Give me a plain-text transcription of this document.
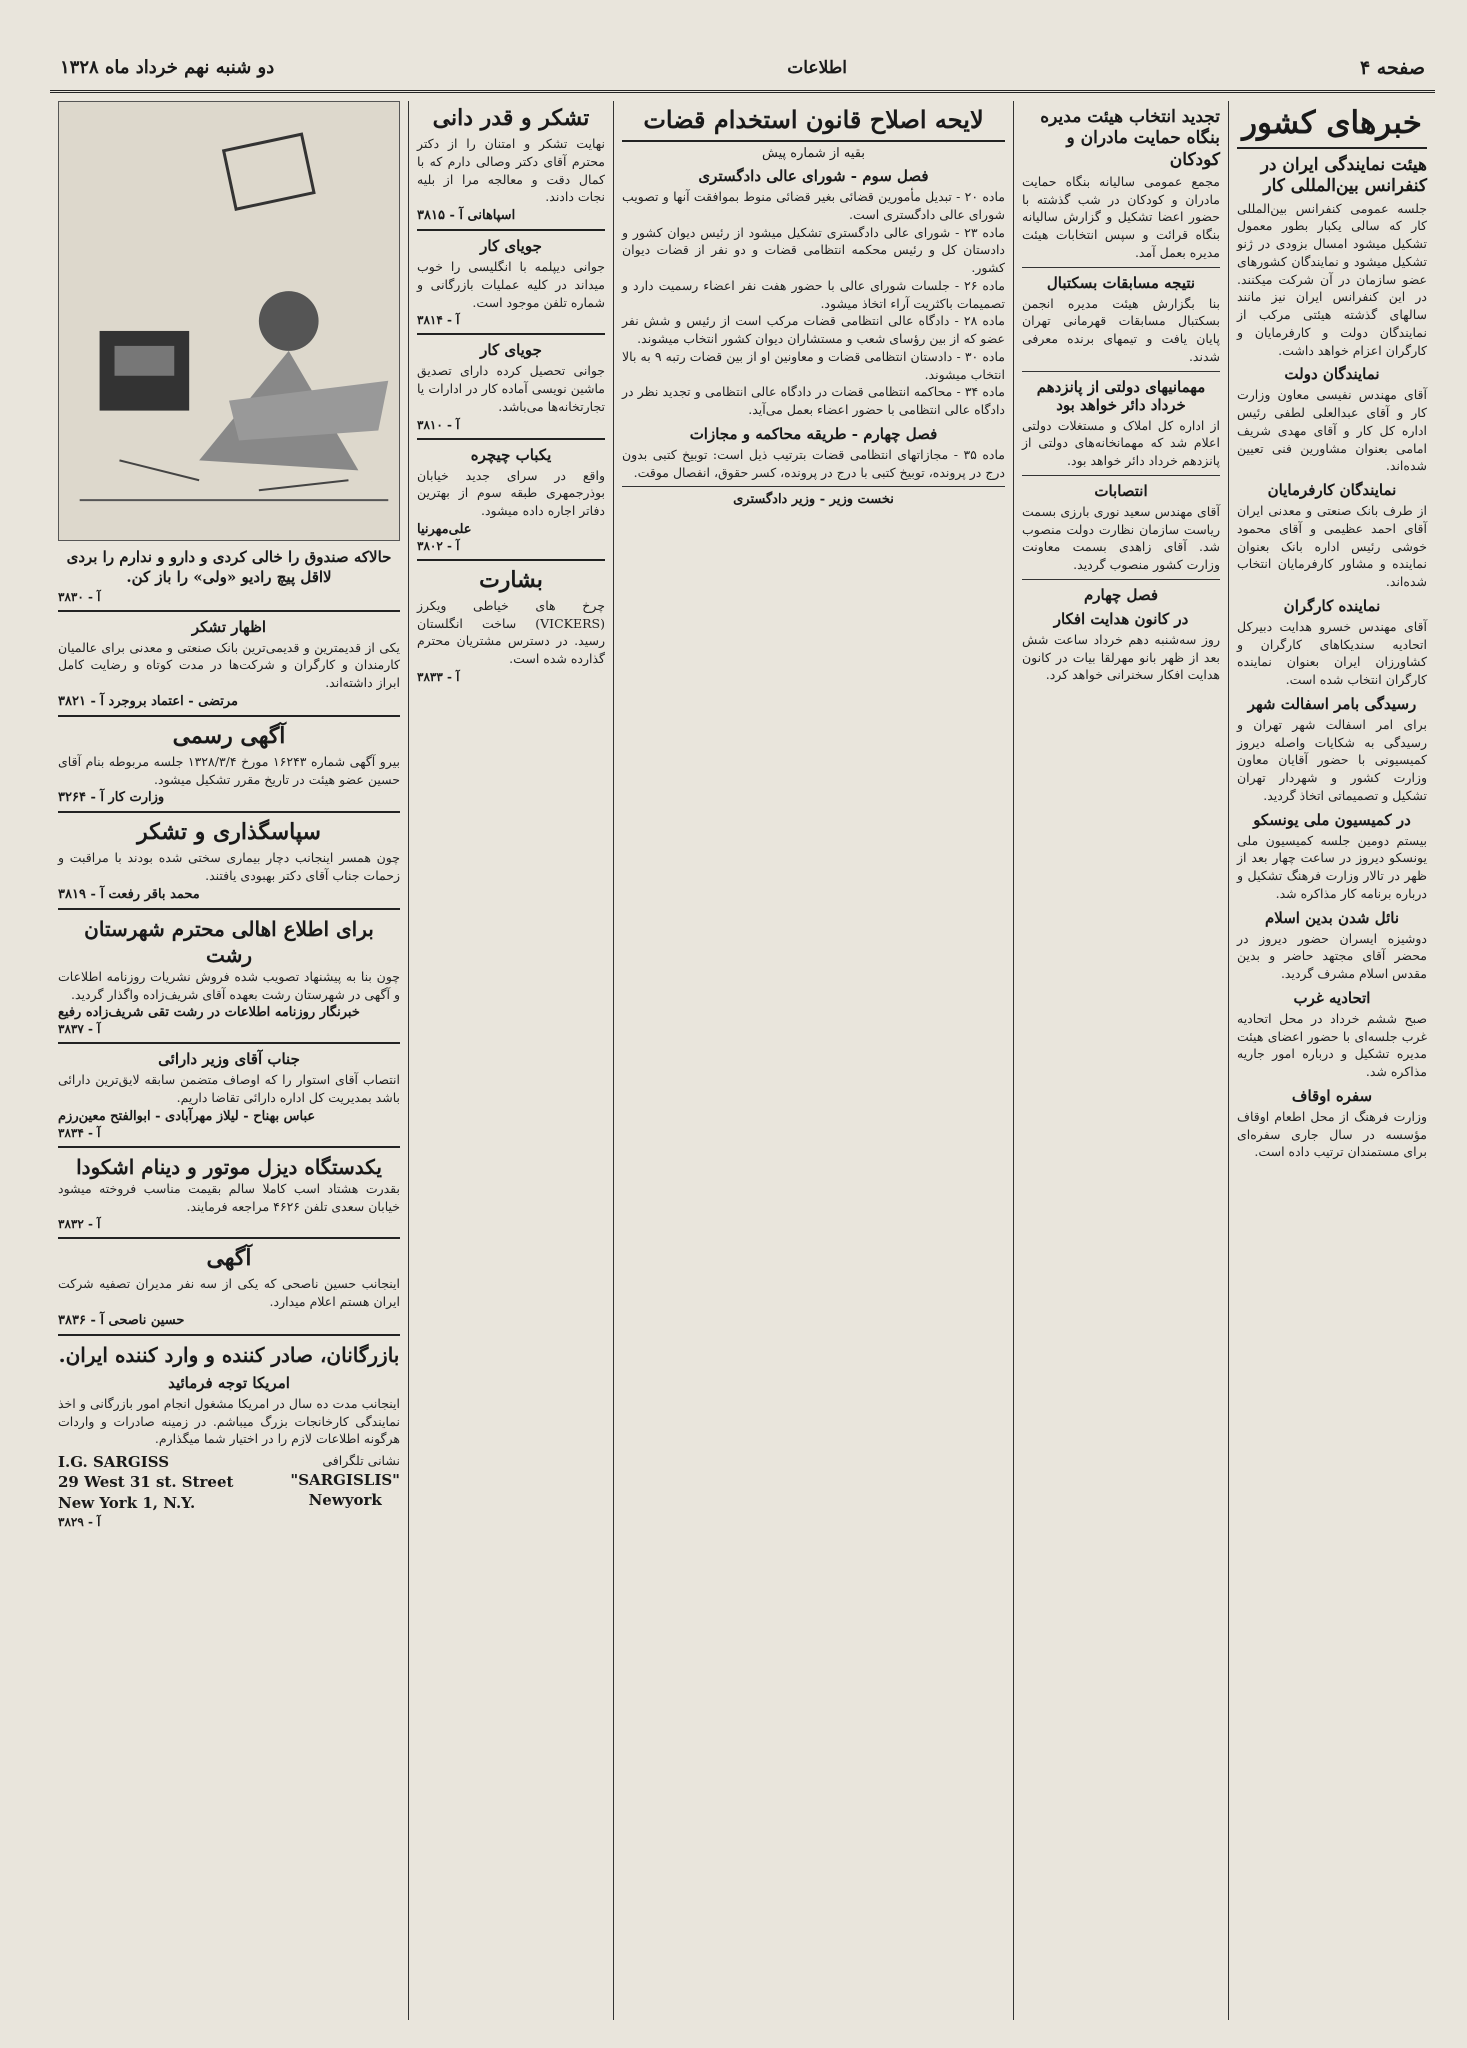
صفحه ۴
اطلاعات
دو شنبه نهم خرداد ماه ۱۳۲۸
خبرهای کشور
هیئت نمایندگی ایران در کنفرانس بین‌المللی کار

جلسه عمومی کنفرانس بین‌المللی کار که سالی یکبار بطور معمول تشکیل میشود امسال بزودی در ژنو تشکیل میشود و نمایندگان کشورهای عضو سازمان در آن شرکت میکنند. در این کنفرانس ایران نیز مانند سالهای گذشته هیئتی مرکب از نمایندگان دولت و کارفرمایان و کارگران اعزام خواهد داشت.

نمایندگان دولت

آقای مهندس نفیسی معاون وزارت کار و آقای عبدالعلی لطفی رئیس اداره کل کار و آقای مهدی شریف امامی بعنوان مشاورین فنی تعیین شده‌اند.

نمایندگان کارفرمایان

از طرف بانک صنعتی و معدنی ایران آقای احمد عظیمی و آقای محمود خوشی رئیس اداره بانک بعنوان نماینده و مشاور کارفرمایان انتخاب شده‌اند.

نماینده کارگران

آقای مهندس خسرو هدایت دبیرکل اتحادیه سندیکاهای کارگران و کشاورزان ایران بعنوان نماینده کارگران انتخاب شده است.

رسیدگی بامر اسفالت شهر

برای امر اسفالت شهر تهران و رسیدگی به شکایات واصله دیروز کمیسیونی با حضور آقایان معاون وزارت کشور و شهردار تهران تشکیل و تصمیماتی اتخاذ گردید.

در کمیسیون ملی یونسکو

بیستم دومین جلسه کمیسیون ملی یونسکو دیروز در ساعت چهار بعد از ظهر در تالار وزارت فرهنگ تشکیل و درباره برنامه کار مذاکره شد.

نائل شدن بدین اسلام

دوشیزه ایسران حضور دیروز در محضر آقای مجتهد حاضر و بدین مقدس اسلام مشرف گردید.

اتحادیه غرب

صبح ششم خرداد در محل اتحادیه غرب جلسه‌ای با حضور اعضای هیئت مدیره تشکیل و درباره امور جاریه مذاکره شد.

سفره اوقاف

وزارت فرهنگ از محل اطعام اوقاف مؤسسه در سال جاری سفره‌ای برای مستمندان ترتیب داده است.

تجدید انتخاب هیئت مدیره بنگاه حمایت مادران و کودکان

مجمع عمومی سالیانه بنگاه حمایت مادران و کودکان در شب گذشته با حضور اعضا تشکیل و گزارش سالیانه بنگاه قرائت و سپس انتخابات هیئت مدیره بعمل آمد.

نتیجه مسابقات بسکتبال

بنا بگزارش هیئت مدیره انجمن بسکتبال مسابقات قهرمانی تهران پایان یافت و تیمهای برنده معرفی شدند.

مهمانیهای دولتی از پانزدهم خرداد دائر خواهد بود

از اداره کل املاک و مستغلات دولتی اعلام شد که مهمانخانه‌های دولتی از پانزدهم خرداد دائر خواهد بود.

انتصابات

آقای مهندس سعید نوری بارزی بسمت ریاست سازمان نظارت دولت منصوب شد. آقای زاهدی بسمت معاونت وزارت کشور منصوب گردید.

فصل چهارم
در کانون هدایت افکار

روز سه‌شنبه دهم خرداد ساعت شش بعد از ظهر بانو مهرلقا بیات در کانون هدایت افکار سخنرانی خواهد کرد.

لایحه اصلاح قانون استخدام قضات
بقیه از شماره پیش
فصل سوم - شورای عالی دادگستری

ماده ۲۰ - تبدیل مأمورین قضائی بغیر قضائی منوط بموافقت آنها و تصویب شورای عالی دادگستری است.

ماده ۲۳ - شورای عالی دادگستری تشکیل میشود از رئیس دیوان کشور و دادستان کل و رئیس محکمه انتظامی قضات و دو نفر از قضات دیوان کشور.

ماده ۲۶ - جلسات شورای عالی با حضور هفت نفر اعضاء رسمیت دارد و تصمیمات باکثریت آراء اتخاذ میشود.

ماده ۲۸ - دادگاه عالی انتظامی قضات مرکب است از رئیس و شش نفر عضو که از بین رؤسای شعب و مستشاران دیوان کشور انتخاب میشوند.

ماده ۳۰ - دادستان انتظامی قضات و معاونین او از بین قضات رتبه ۹ به بالا انتخاب میشوند.

ماده ۳۴ - محاکمه انتظامی قضات در دادگاه عالی انتظامی و تجدید نظر در دادگاه عالی انتظامی با حضور اعضاء بعمل می‌آید.

فصل چهارم - طریقه محاکمه و مجازات

ماده ۳۵ - مجازاتهای انتظامی قضات بترتیب ذیل است: توبیخ کتبی بدون درج در پرونده، توبیخ کتبی با درج در پرونده، کسر حقوق، انفصال موقت.

نخست وزیر - وزیر دادگستری
تشکر و قدر دانی

نهایت تشکر و امتنان را از دکتر محترم آقای دکتر وصالی دارم که با کمال دقت و معالجه مرا از بلیه نجات دادند.

اسپاهانی آ - ۳۸۱۵
جویای کار

جوانی دیپلمه با انگلیسی را خوب میداند در کلیه عملیات بازرگانی و شماره تلفن موجود است.

آ - ۳۸۱۴
جویای کار

جوانی تحصیل کرده دارای تصدیق ماشین نویسی آماده کار در ادارات یا تجارتخانه‌ها می‌باشد.

آ - ۳۸۱۰
یکباب چیچره

واقع در سرای جدید خیابان بوذرجمهری طبقه سوم از بهترین دفاتر اجاره داده میشود.

علی‌مهرنیا
آ - ۳۸۰۲
بشارت

چرخ های خیاطی ویکرز (VICKERS) ساخت انگلستان رسید. در دسترس مشتریان محترم گذارده شده است.

آ - ۳۸۳۳
حالاکه صندوق را خالی کردی و دارو و ندارم را بردی لااقل پیچ رادیو «ولی» را باز کن.
آ - ۳۸۳۰
اظهار تشکر

یکی از قدیمترین و قدیمی‌ترین بانک صنعتی و معدنی برای عالمیان کارمندان و کارگران و شرکت‌ها در مدت کوتاه و رضایت کامل ابراز داشته‌اند.

مرتضی - اعتماد بروجرد آ - ۳۸۲۱
آگهی رسمی

بیرو آگهی شماره ۱۶۲۴۳ مورخ ۱۳۲۸/۳/۴ جلسه مربوطه بنام آقای حسین عضو هیئت در تاریخ مقرر تشکیل میشود.

وزارت کار آ - ۳۲۶۴
سپاسگذاری و تشکر

چون همسر اینجانب دچار بیماری سختی شده بودند با مراقبت و زحمات جناب آقای دکتر بهبودی یافتند.

محمد باقر رفعت آ - ۳۸۱۹
برای اطلاع اهالی محترم شهرستان رشت

چون بنا به پیشنهاد تصویب شده فروش نشریات روزنامه اطلاعات و آگهی در شهرستان رشت بعهده آقای شریف‌زاده واگذار گردید.

خبرنگار روزنامه اطلاعات در رشت تقی شریف‌زاده رفیع
آ - ۳۸۳۷
جناب آقای وزیر دارائی

انتصاب آقای استوار را که اوصاف متضمن سابقه لایق‌ترین دارائی باشد بمدیریت کل اداره دارائی تقاضا داریم.

عباس بهناح - لیلاز مهرآبادی - ابوالفتح معین‌رزم
آ - ۳۸۳۴
یکدستگاه دیزل موتور و دینام اشکودا

بقدرت هشتاد اسب کاملا سالم بقیمت مناسب فروخته میشود خیابان سعدی تلفن ۴۶۲۶ مراجعه فرمایند.

آ - ۳۸۳۲
آگهی

اینجانب حسین ناصحی که یکی از سه نفر مدیران تصفیه شرکت ایران هستم اعلام میدارد.

حسین ناصحی آ - ۳۸۳۶
بازرگانان، صادر کننده و وارد کننده ایران.
امریکا توجه فرمائید

اینجانب مدت ده سال در امریکا مشغول انجام امور بازرگانی و اخذ نمایندگی کارخانجات بزرگ میباشم. در زمینه صادرات و واردات هرگونه اطلاعات لازم را در اختیار شما میگذارم.

نشانی تلگرافی
"SARGISLIS"
Newyork
I.G. SARGISS
29 West 31 st. Street
New York 1, N.Y.
آ - ۳۸۲۹
